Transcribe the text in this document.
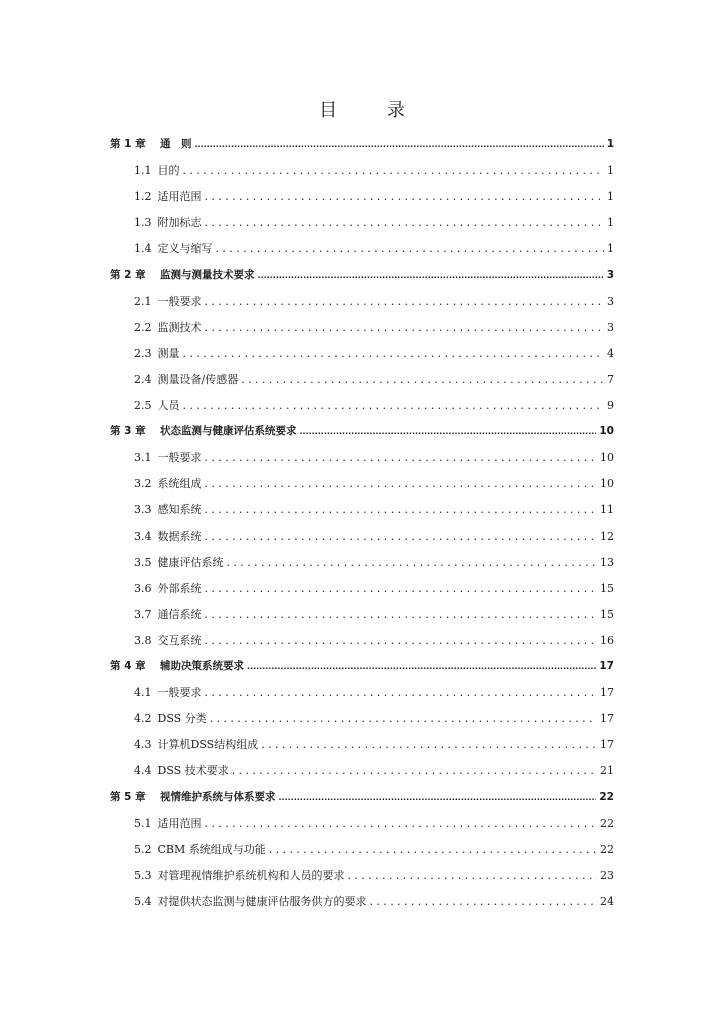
目 录
第 1 章	通　则 .....	1
1.1 目的 .....	1
1.2 适用范围 .....	1
1.3 附加标志 .....	1
1.4 定义与缩写 .....	1
第 2 章	监测与测量技术要求 .....	3
2.1 一般要求 .....	3
2.2 监测技术 .....	3
2.3 测量 .....	4
2.4 测量设备/传感器 .....	7
2.5 人员 .....	9
第 3 章	状态监测与健康评估系统要求 .....	10
3.1 一般要求 .....	10
3.2 系统组成 .....	10
3.3 感知系统 .....	11
3.4 数据系统 .....	12
3.5 健康评估系统 .....	13
3.6 外部系统 .....	15
3.7 通信系统 .....	15
3.8 交互系统 .....	16
第 4 章	辅助决策系统要求 .....	17
4.1 一般要求 .....	17
4.2 DSS 分类 .....	17
4.3 计算机DSS结构组成 .....	17
4.4 DSS 技术要求 .....	21
第 5 章	视情维护系统与体系要求 .....	22
5.1 适用范围 .....	22
5.2 CBM 系统组成与功能 .....	22
5.3 对管理视情维护系统机构和人员的要求 .....	23
5.4 对提供状态监测与健康评估服务供方的要求 .....	24
